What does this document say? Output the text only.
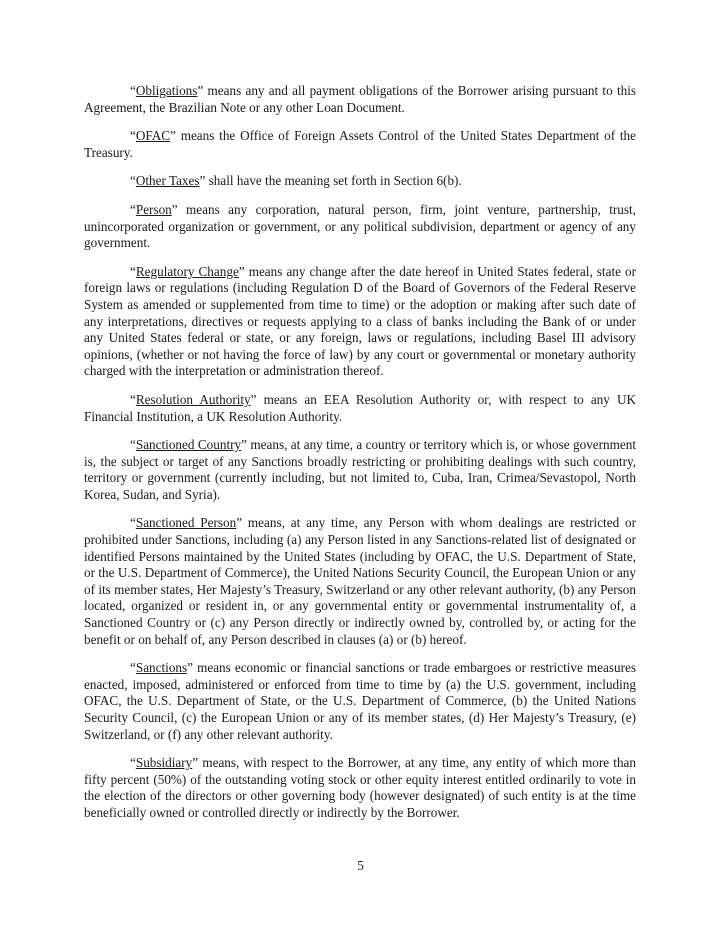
“Obligations” means any and all payment obligations of the Borrower arising pursuant to this Agreement, the Brazilian Note or any other Loan Document.

“OFAC” means the Office of Foreign Assets Control of the United States Department of the Treasury.

“Other Taxes” shall have the meaning set forth in Section 6(b).

“Person” means any corporation, natural person, firm, joint venture, partnership, trust, unincorporated organization or government, or any political subdivision, department or agency of any government.

“Regulatory Change” means any change after the date hereof in United States federal, state or foreign laws or regulations (including Regulation D of the Board of Governors of the Federal Reserve System as amended or supplemented from time to time) or the adoption or making after such date of any interpretations, directives or requests applying to a class of banks including the Bank of or under any United States federal or state, or any foreign, laws or regulations, including Basel III advisory opinions, (whether or not having the force of law) by any court or governmental or monetary authority charged with the interpretation or administration thereof.

“Resolution Authority” means an EEA Resolution Authority or, with respect to any UK Financial Institution, a UK Resolution Authority.

“Sanctioned Country” means, at any time, a country or territory which is, or whose government is, the subject or target of any Sanctions broadly restricting or prohibiting dealings with such country, territory or government (currently including, but not limited to, Cuba, Iran, Crimea/Sevastopol, North Korea, Sudan, and Syria).

“Sanctioned Person” means, at any time, any Person with whom dealings are restricted or prohibited under Sanctions, including (a) any Person listed in any Sanctions-related list of designated or identified Persons maintained by the United States (including by OFAC, the U.S. Department of State, or the U.S. Department of Commerce), the United Nations Security Council, the European Union or any of its member states, Her Majesty’s Treasury, Switzerland or any other relevant authority, (b) any Person located, organized or resident in, or any governmental entity or governmental instrumentality of, a Sanctioned Country or (c) any Person directly or indirectly owned by, controlled by, or acting for the benefit or on behalf of, any Person described in clauses (a) or (b) hereof.

“Sanctions” means economic or financial sanctions or trade embargoes or restrictive measures enacted, imposed, administered or enforced from time to time by (a) the U.S. government, including OFAC, the U.S. Department of State, or the U.S. Department of Commerce, (b) the United Nations Security Council, (c) the European Union or any of its member states, (d) Her Majesty’s Treasury, (e) Switzerland, or (f) any other relevant authority.

“Subsidiary” means, with respect to the Borrower, at any time, any entity of which more than fifty percent (50%) of the outstanding voting stock or other equity interest entitled ordinarily to vote in the election of the directors or other governing body (however designated) of such entity is at the time beneficially owned or controlled directly or indirectly by the Borrower.

5
